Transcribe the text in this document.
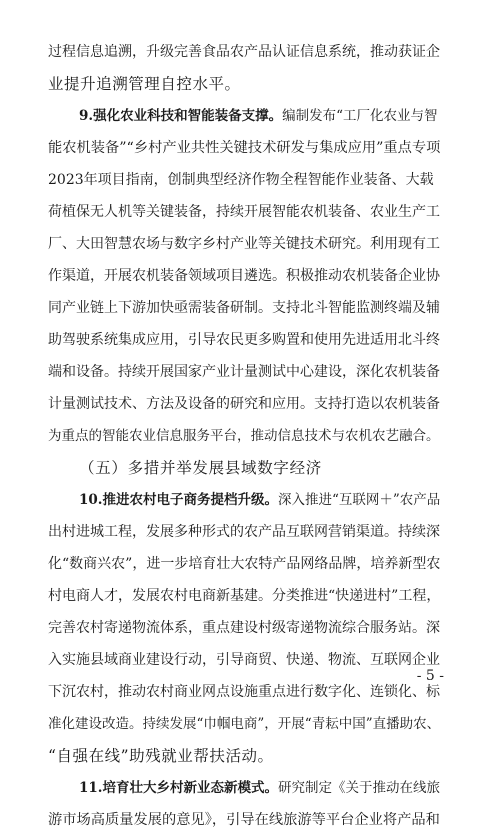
过程信息追溯，升级完善食品农产品认证信息系统，推动获证企
业提升追溯管理自控水平。
9.强化农业科技和智能装备支撑。编制发布“工厂化农业与智
能农机装备”“乡村产业共性关键技术研发与集成应用”重点专项
2023年项目指南，创制典型经济作物全程智能作业装备、大载
荷植保无人机等关键装备，持续开展智能农机装备、农业生产工
厂、大田智慧农场与数字乡村产业等关键技术研究。利用现有工
作渠道，开展农机装备领域项目遴选。积极推动农机装备企业协
同产业链上下游加快亟需装备研制。支持北斗智能监测终端及辅
助驾驶系统集成应用，引导农民更多购置和使用先进适用北斗终
端和设备。持续开展国家产业计量测试中心建设，深化农机装备
计量测试技术、方法及设备的研究和应用。支持打造以农机装备
为重点的智能农业信息服务平台，推动信息技术与农机农艺融合。
（五）多措并举发展县域数字经济
10.推进农村电子商务提档升级。深入推进“互联网＋”农产品
出村进城工程，发展多种形式的农产品互联网营销渠道。持续深
化“数商兴农”，进一步培育壮大农特产品网络品牌，培养新型农
村电商人才，发展农村电商新基建。分类推进“快递进村”工程，
完善农村寄递物流体系，重点建设村级寄递物流综合服务站。深
入实施县域商业建设行动，引导商贸、快递、物流、互联网企业
下沉农村，推动农村商业网点设施重点进行数字化、连锁化、标
准化建设改造。持续发展“巾帼电商”，开展“青耘中国”直播助农、
“自强在线”助残就业帮扶活动。
11.培育壮大乡村新业态新模式。研究制定《关于推动在线旅
游市场高质量发展的意见》，引导在线旅游等平台企业将产品和
- 5 -
